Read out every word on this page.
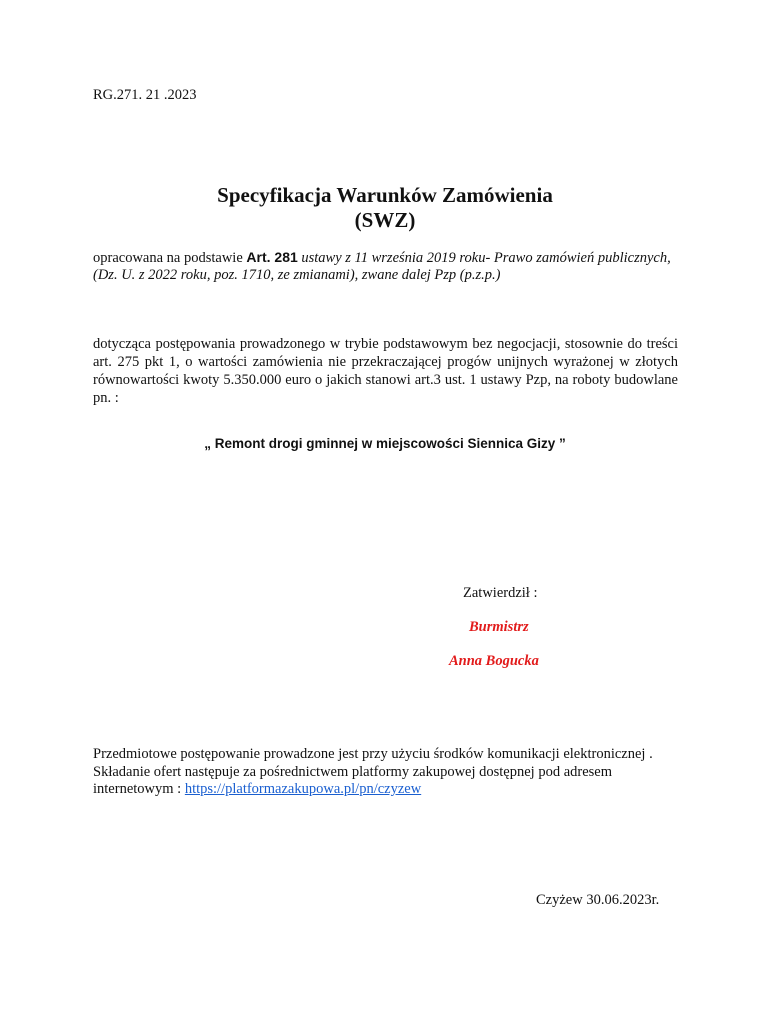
RG.271. 21 .2023
Specyfikacja Warunków Zamówienia
(SWZ)
opracowana na podstawie Art. 281 ustawy z 11 września 2019 roku- Prawo zamówień publicznych, (Dz. U. z 2022 roku, poz. 1710, ze zmianami), zwane dalej Pzp (p.z.p.)
dotycząca postępowania prowadzonego w trybie podstawowym bez negocjacji, stosownie do treści art. 275 pkt 1, o wartości zamówienia nie przekraczającej progów unijnych wyrażonej w złotych równowartości kwoty 5.350.000 euro o jakich stanowi art.3 ust. 1 ustawy Pzp, na roboty budowlane pn. :
„ Remont drogi gminnej w miejscowości Siennica Gizy ”
Zatwierdził :
Burmistrz
Anna Bogucka
Przedmiotowe postępowanie prowadzone jest przy użyciu środków komunikacji elektronicznej .
Składanie ofert następuje za pośrednictwem platformy zakupowej dostępnej pod adresem internetowym : https://platformazakupowa.pl/pn/czyzew
Czyżew 30.06.2023r.
